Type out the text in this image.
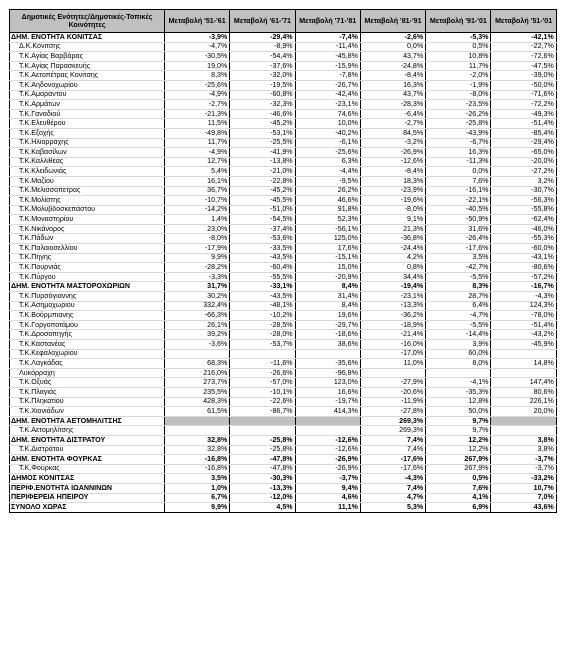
Δημοτικές Ενότητες/Δημοτικές-Τοπικές Κοινότητες	Μεταβολή '51-'61	Μεταβολή '61-'71	Μεταβολή '71-'81	Μεταβολή '81-'91	Μεταβολή '91-'01	Μεταβολή '51-'01
ΔΗΜ. ΕΝΟΤΗΤΑ ΚΟΝΙΤΣΑΣ	-3,9%	-29,4%	-7,4%	-2,6%	-5,3%	-42,1%
Δ.Κ.Κόνιτσης	-4,7%	-8,9%	-11,4%	0,0%	0,5%	-22,7%
Τ.Κ.Αγίας Βαρβάρας	-30,5%	-54,4%	-45,8%	43,7%	10,8%	-72,6%
Τ.Κ.Αγίας Παρασκευής	19,0%	-37,6%	-15,9%	-24,8%	11,7%	-47,5%
Τ.Κ.Αετοπέτρας Κονίτσης	8,3%	-32,0%	-7,8%	-8,4%	-2,0%	-39,0%
Τ.Κ.Αηδονοχωρίου	-25,6%	-19,5%	-26,7%	16,3%	-1,9%	-50,0%
Τ.Κ.Αμαράντου	-4,9%	-60,8%	-42,4%	43,7%	-8,0%	-71,6%
Τ.Κ.Αρμάτων	-2,7%	-32,3%	-23,1%	-28,3%	-23,5%	-72,2%
Τ.Κ.Γαναδιού	-21,3%	-46,6%	74,6%	-6,4%	-26,2%	-49,3%
Τ.Κ.Ελευθέρου	11,5%	-45,2%	10,0%	-2,7%	-25,8%	-51,4%
Τ.Κ.Εξοχής	-49,8%	-53,1%	-40,2%	84,5%	-43,9%	-85,4%
Τ.Κ.Ηλιορράχης	11,7%	-25,5%	-6,1%	-3,2%	-6,7%	-29,4%
Τ.Κ.Καβασίλων	-4,9%	-41,9%	-25,6%	-26,9%	16,3%	-65,0%
Τ.Κ.Καλλιθέας	12,7%	-13,8%	6,3%	-12,6%	-11,3%	-20,0%
Τ.Κ.Κλειδωνιάς	5,4%	-21,0%	-4,4%	-8,4%	0,0%	-27,2%
Τ.Κ.Μαζίου	16,1%	-22,8%	-9,5%	18,3%	7,6%	3,2%
Τ.Κ.Μελισσόπετρας	36,7%	-45,2%	26,2%	-23,9%	-16,1%	-30,7%
Τ.Κ.Μολίστης	-10,7%	-45,5%	46,6%	-19,6%	-22,1%	-56,3%
Τ.Κ.Μολυβδοσκεπάστου	-14,2%	-51,0%	91,8%	-8,0%	-40,5%	-55,8%
Τ.Κ.Μοναστηρίου	1,4%	-54,5%	52,3%	9,1%	-50,9%	-62,4%
Τ.Κ.Νικάνορος	23,0%	-37,4%	-56,1%	21,3%	31,6%	-46,0%
Τ.Κ.Πάδων	-8,0%	-53,6%	125,0%	-36,8%	-26,4%	-55,3%
Τ.Κ.Παλαιοσελλίου	-17,9%	-33,5%	17,6%	-24,4%	-17,6%	-60,0%
Τ.Κ.Πηγής	9,9%	-43,5%	-15,1%	4,2%	3,5%	-43,1%
Τ.Κ.Πουρνιάς	-28,2%	-60,4%	15,0%	0,8%	-42,7%	-80,6%
Τ.Κ.Πύργου	-3,3%	-55,5%	-20,9%	34,4%	-5,5%	-57,2%
ΔΗΜ. ΕΝΟΤΗΤΑ ΜΑΣΤΟΡΟΧΩΡΙΩΝ	31,7%	-33,1%	8,4%	-19,4%	8,3%	-16,7%
Τ.Κ.Πυρσόγιαννης	30,2%	-43,5%	31,4%	-23,1%	28,7%	-4,3%
Τ.Κ.Ασημοχωρίου	332,4%	-48,1%	8,4%	-13,3%	6,4%	124,3%
Τ.Κ.Βούρμπιανης	-66,3%	-10,2%	19,6%	-36,2%	-4,7%	-78,0%
Τ.Κ.Γοργοποτάμου	26,1%	-28,5%	-29,7%	-18,9%	-5,5%	-51,4%
Τ.Κ.Δροσοπηγής	39,2%	-28,0%	-18,6%	-21,4%	-14,4%	-43,2%
Τ.Κ.Καστανέας	-3,6%	-53,7%	38,6%	-16,0%	3,9%	-45,9%
Τ.Κ.Κεφαλοχωρίου				-17,0%	60,0%	
Τ.Κ.Λαγκάδας	68,3%	-11,6%	-35,6%	11,0%	8,0%	14,8%
Λυκόρραχη	216,0%	-26,6%	-96,8%			
Τ.Κ.Οξυάς	273,7%	-57,0%	123,0%	-27,9%	-4,1%	147,4%
Τ.Κ.Πλαγιάς	235,5%	-10,1%	16,6%	-20,6%	-35,3%	80,6%
Τ.Κ.Πληκατίου	428,3%	-22,6%	-19,7%	-11,9%	12,8%	226,1%
Τ.Κ.Χιονιάδων	61,5%	-86,7%	414,3%	-27,8%	50,0%	20,0%
ΔΗΜ. ΕΝΟΤΗΤΑ ΑΕΤΟΜΗΛΙΤΣΗΣ				269,3%	9,7%	
Τ.Κ.Αετομηλίτσης				269,3%	9,7%	
ΔΗΜ. ΕΝΟΤΗΤΑ ΔΙΣΤΡΑΤΟΥ	32,8%	-25,8%	-12,6%	7,4%	12,2%	3,8%
Τ.Κ.Διστράτου	32,8%	-25,8%	-12,6%	7,4%	12,2%	3,8%
ΔΗΜ. ΕΝΟΤΗΤΑ ΦΟΥΡΚΑΣ	-16,8%	-47,8%	-26,9%	-17,6%	267,9%	-3,7%
Τ.Κ.Φούρκας	-16,8%	-47,8%	-26,9%	-17,6%	267,9%	-3,7%
ΔΗΜΟΣ ΚΟΝΙΤΣΑΣ	3,5%	-30,3%	-3,7%	-4,3%	0,5%	-33,2%
ΠΕΡΙΦ.ΕΝΟΤΗΤΑ ΙΩΑΝΝΙΝΩΝ	1,0%	-13,3%	9,4%	7,4%	7,6%	10,7%
ΠΕΡΙΦΕΡΕΙΑ ΗΠΕΙΡΟΥ	6,7%	-12,0%	4,6%	4,7%	4,1%	7,0%
ΣΥΝΟΛΟ ΧΩΡΑΣ	9,9%	4,5%	11,1%	5,3%	6,9%	43,6%
